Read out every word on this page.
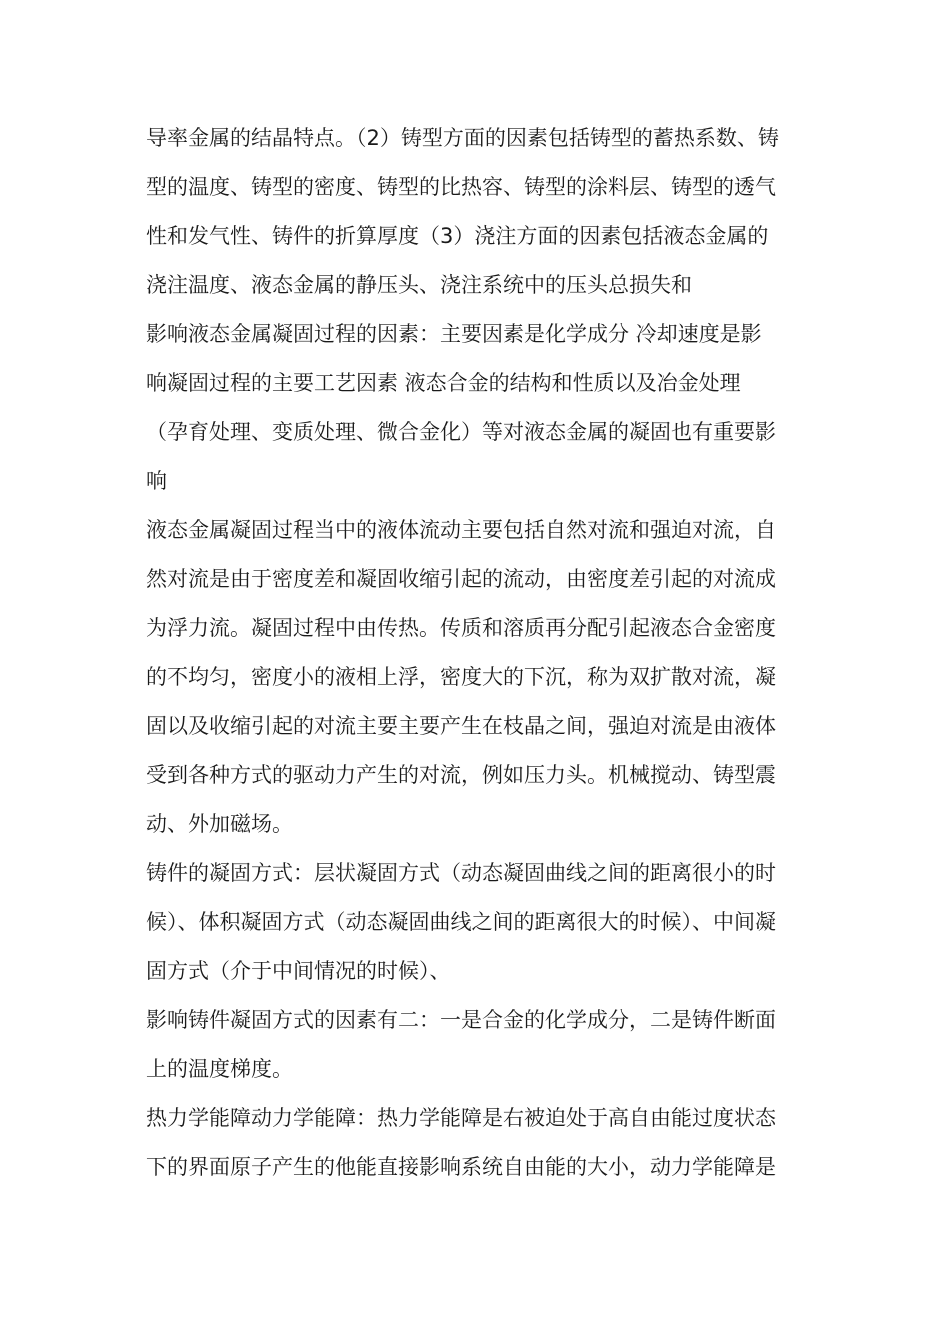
导率金属的结晶特点。（2）铸型方面的因素包括铸型的蓄热系数、铸
型的温度、铸型的密度、铸型的比热容、铸型的涂料层、铸型的透气
性和发气性、铸件的折算厚度（3）浇注方面的因素包括液态金属的
浇注温度、液态金属的静压头、浇注系统中的压头总损失和
影响液态金属凝固过程的因素：主要因素是化学成分 冷却速度是影
响凝固过程的主要工艺因素 液态合金的结构和性质以及冶金处理
（孕育处理、变质处理、微合金化）等对液态金属的凝固也有重要影
响
液态金属凝固过程当中的液体流动主要包括自然对流和强迫对流，自
然对流是由于密度差和凝固收缩引起的流动，由密度差引起的对流成
为浮力流。凝固过程中由传热。传质和溶质再分配引起液态合金密度
的不均匀，密度小的液相上浮，密度大的下沉，称为双扩散对流，凝
固以及收缩引起的对流主要主要产生在枝晶之间，强迫对流是由液体
受到各种方式的驱动力产生的对流，例如压力头。机械搅动、铸型震
动、外加磁场。
铸件的凝固方式：层状凝固方式（动态凝固曲线之间的距离很小的时
候）、体积凝固方式（动态凝固曲线之间的距离很大的时候）、中间凝
固方式（介于中间情况的时候）、
影响铸件凝固方式的因素有二：一是合金的化学成分，二是铸件断面
上的温度梯度。
热力学能障动力学能障：热力学能障是右被迫处于高自由能过度状态
下的界面原子产生的他能直接影响系统自由能的大小，动力学能障是
